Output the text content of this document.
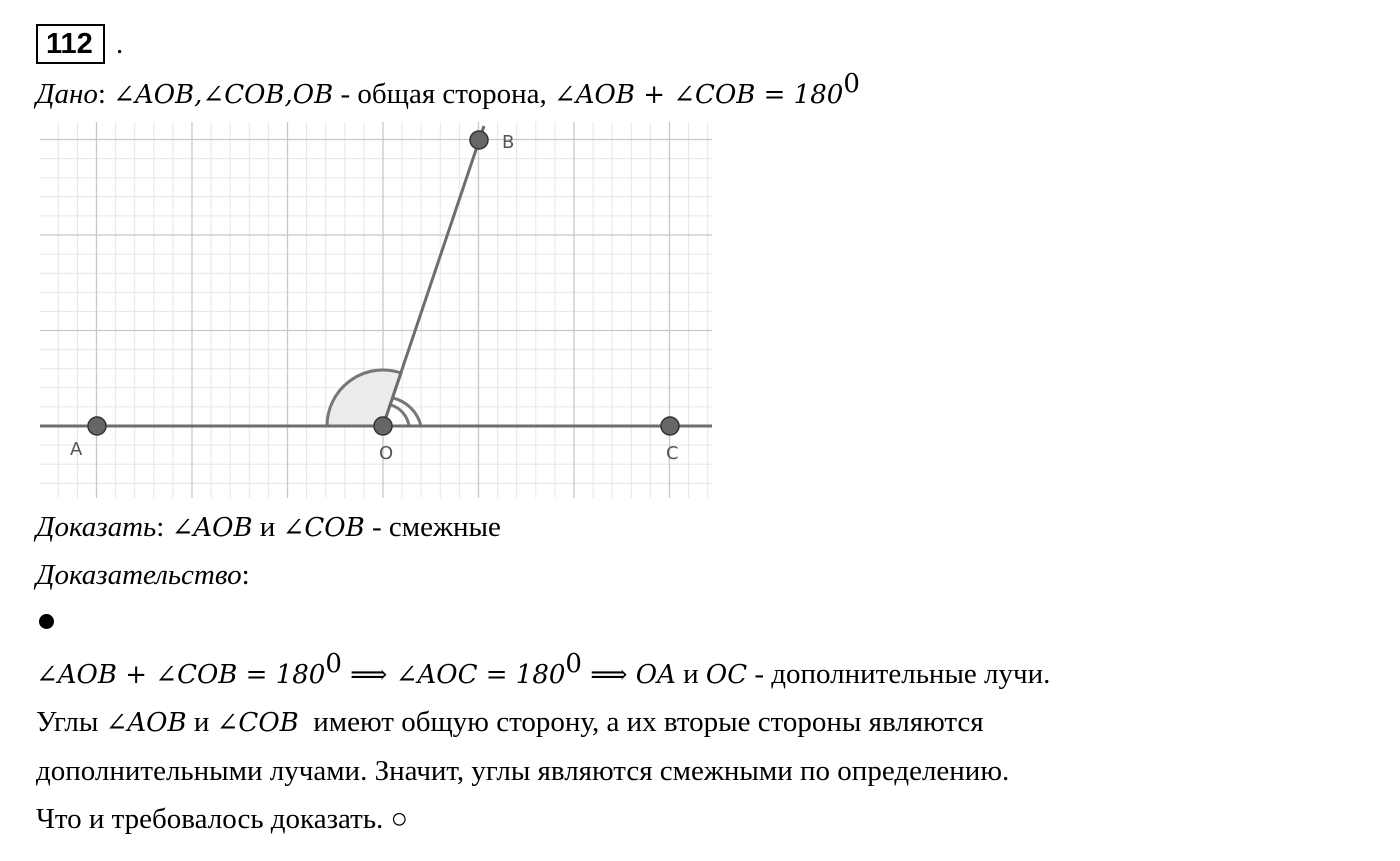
112 .
Дано: ∠AOB,∠COB,OB - общая сторона, ∠AOB + ∠COB = $180^0$
A	O	C
B
Доказать: ∠AOB и ∠COB - смежные
Доказательство:
∠AOB + ∠COB = $180^0$ ⟹ ∠AOC = $180^0$ ⟹ OA и OC - дополнительные лучи.
Углы ∠AOB и ∠COB  имеют общую сторону, а их вторые стороны являются
дополнительными лучами. Значит, углы являются смежными по определению.
Что и требовалось доказать. ○
